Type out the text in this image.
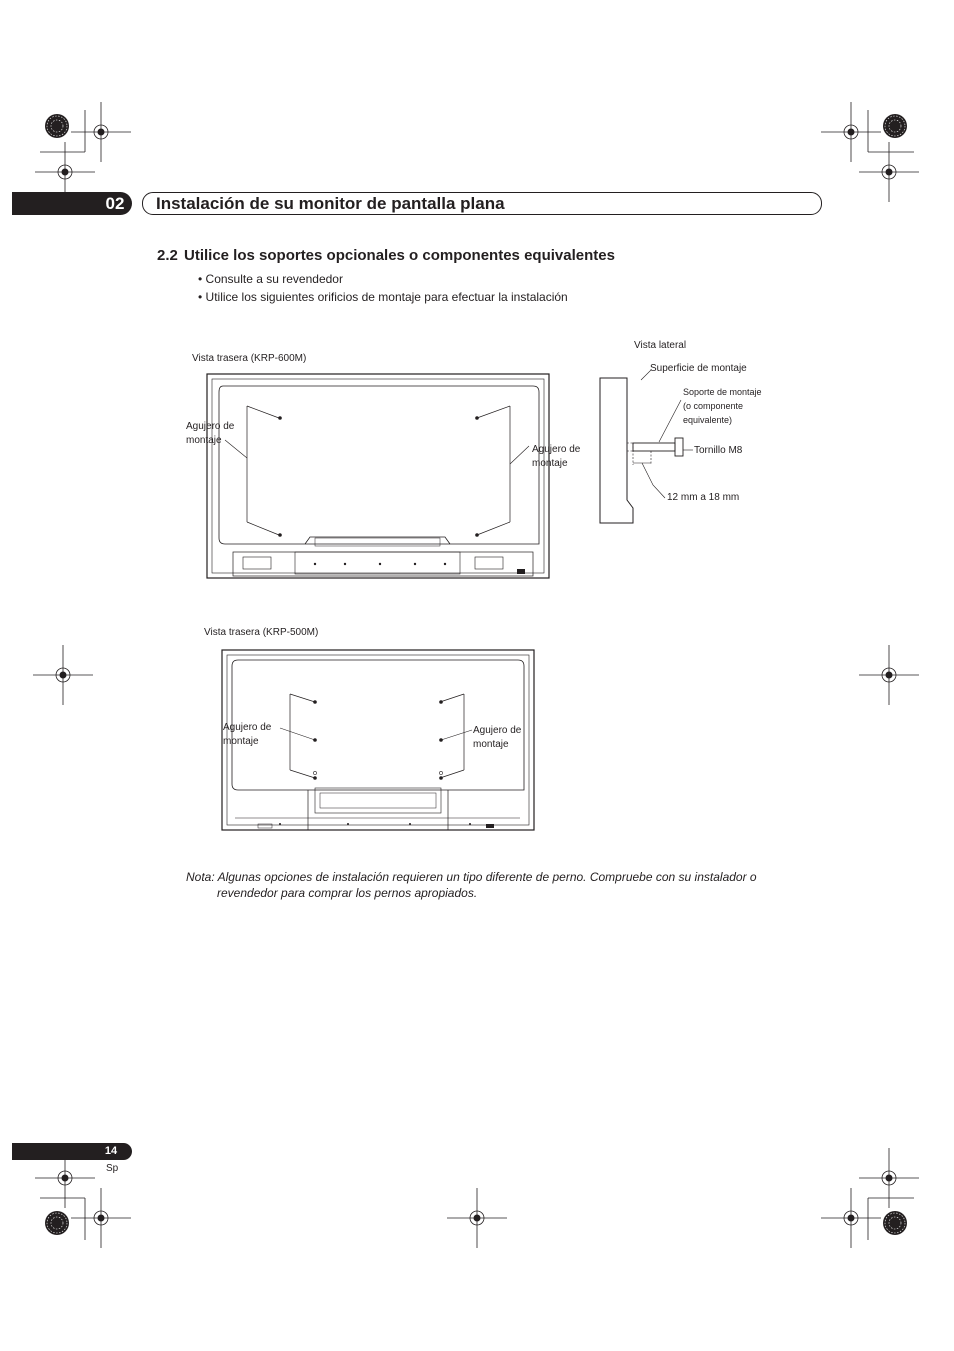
02	Instalación de su monitor de pantalla plana
2.2 Utilice los soportes opcionales o componentes equivalentes
• Consulte a su revendedor
• Utilice los siguientes orificios de montaje para efectuar la instalación
Vista trasera (KRP-600M)
Agujero de
montaje
Agujero de
montaje
Vista lateral
Superficie de montaje
Soporte de montaje
(o componente
equivalente)
Tornillo M8
12 mm a 18 mm
Vista trasera (KRP-500M)
Agujero de
montaje
Agujero de
montaje
Nota: Algunas opciones de instalación requieren un tipo diferente de perno. Compruebe con su instalador o
revendedor para comprar los pernos apropiados.
14
Sp
